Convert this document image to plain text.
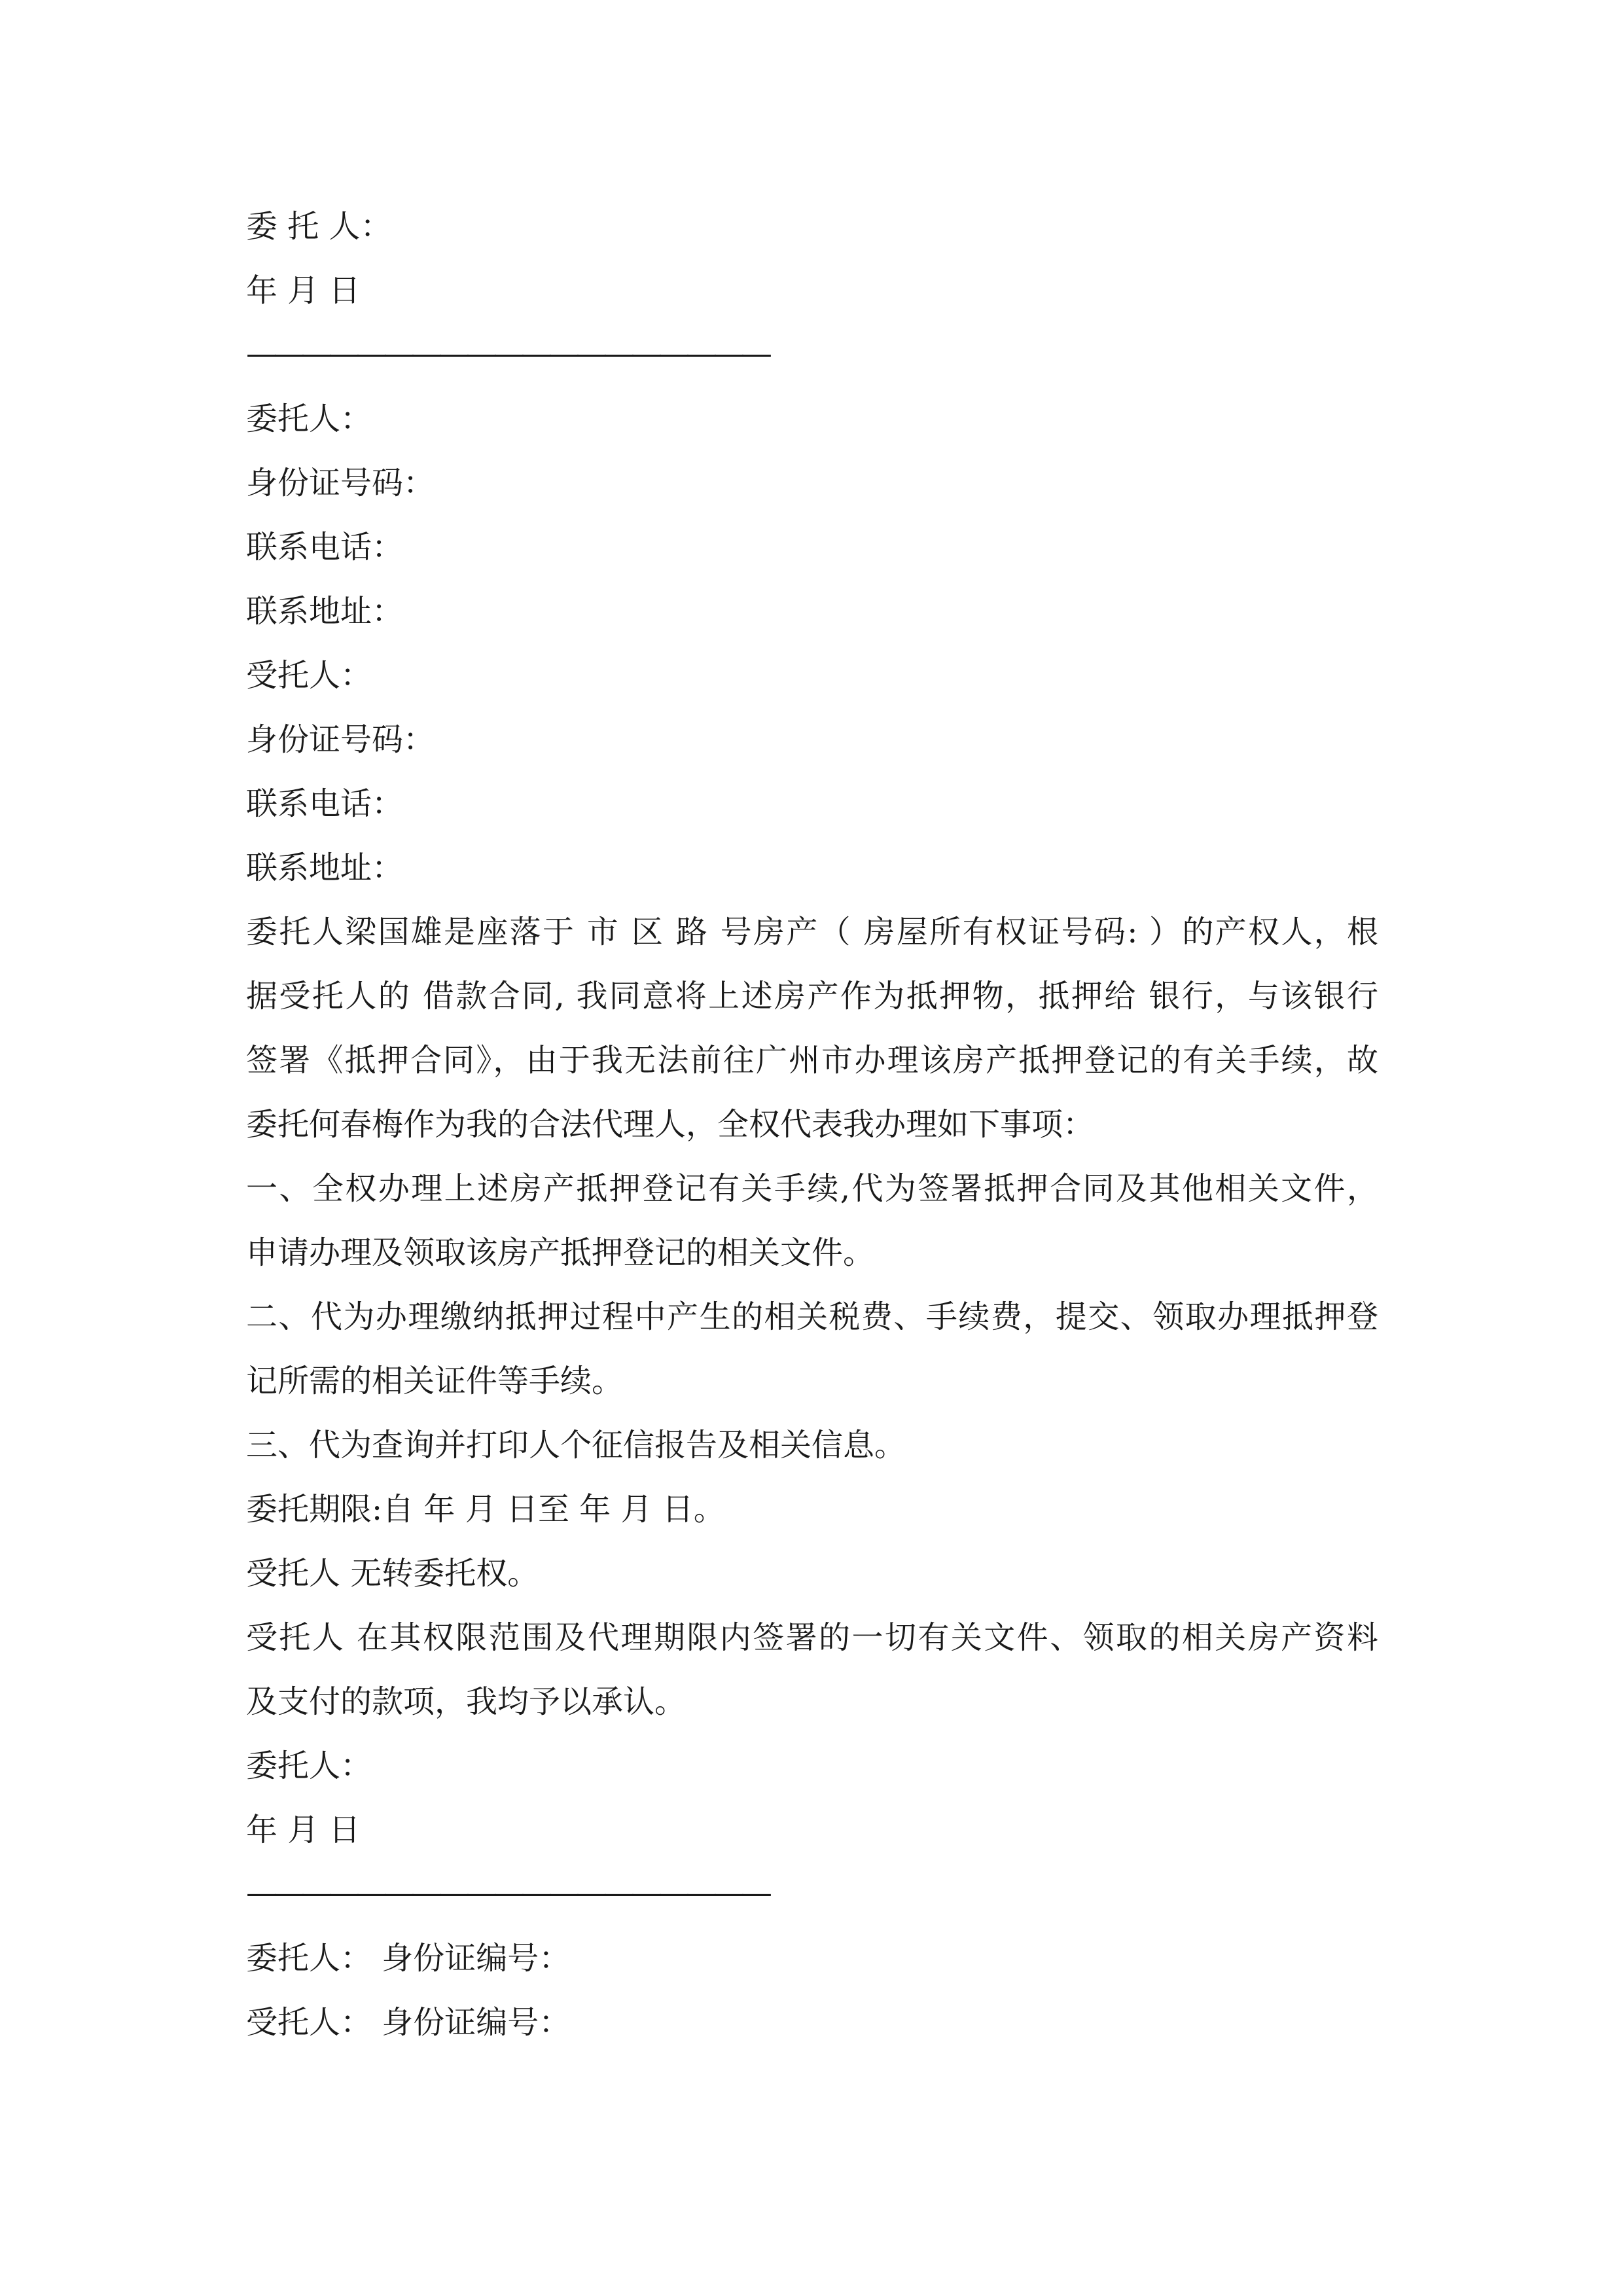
委 托 人：
年 月 日
———————————————————
委托人：
身份证号码：
联系电话：
联系地址：
受托人：
身份证号码：
联系电话：
联系地址：
委托人梁国雄是座落于 市 区 路 号房产（ 房屋所有权证号码: ）的产权人，根
据受托人的 借款合同, 我同意将上述房产作为抵押物，抵押给 银行，与该银行
签署《抵押合同》，由于我无法前往广州市办理该房产抵押登记的有关手续，故
委托何春梅作为我的合法代理人，全权代表我办理如下事项：
一、全权办理上述房产抵押登记有关手续,代为签署抵押合同及其他相关文件，
申请办理及领取该房产抵押登记的相关文件。
二、代为办理缴纳抵押过程中产生的相关税费、手续费，提交、领取办理抵押登
记所需的相关证件等手续。
三、代为查询并打印人个征信报告及相关信息。
委托期限:自 年 月 日至 年 月 日。
受托人 无转委托权。
受托人 在其权限范围及代理期限内签署的一切有关文件、领取的相关房产资料
及支付的款项，我均予以承认。
委托人：
年 月 日
———————————————————
委托人： 身份证编号：
受托人： 身份证编号：
